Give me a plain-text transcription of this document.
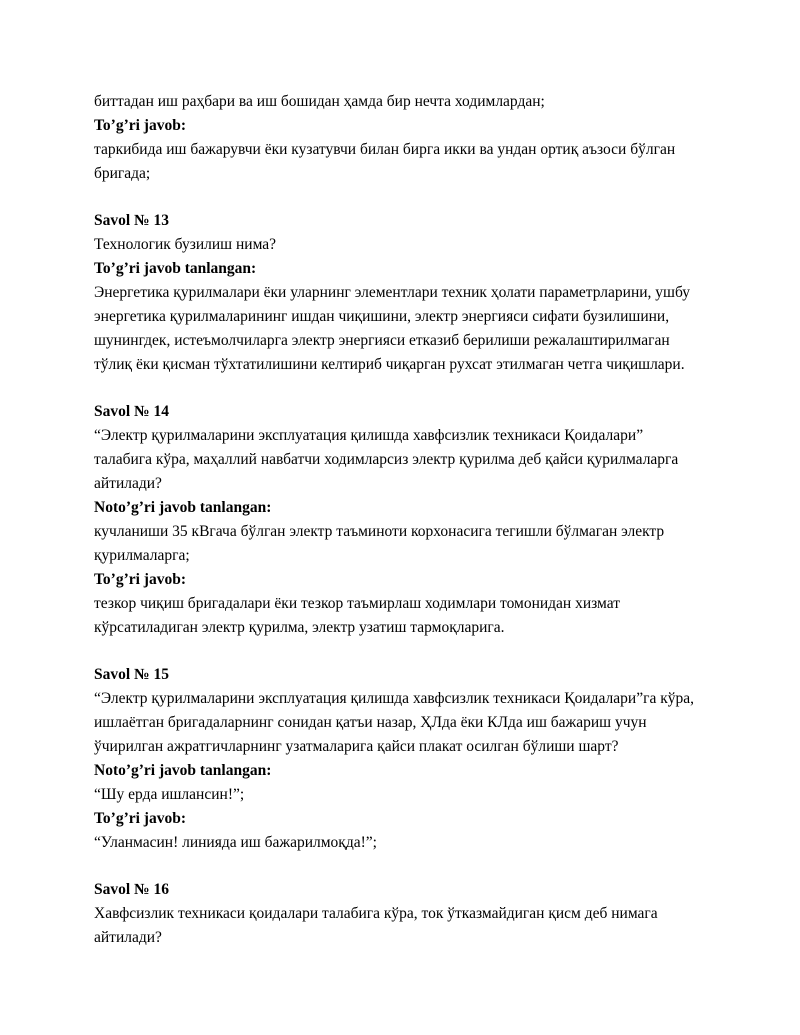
биттадан иш раҳбари ва иш бошидан ҳамда бир нечта ходимлардан;

To’g’ri javob:

таркибида иш бажарувчи ёки кузатувчи билан бирга икки ва ундан ортиқ аъзоси бўлган

бригада;

Savol № 13

Технологик бузилиш нима?

To’g’ri javob tanlangan:

Энергетика қурилмалари ёки уларнинг элементлари техник ҳолати параметрларини, ушбу

энергетика қурилмаларининг ишдан чиқишини, электр энергияси сифати бузилишини,

шунингдек, истеъмолчиларга электр энергияси етказиб берилиши режалаштирилмаган

тўлиқ ёки қисман тўхтатилишини келтириб чиқарган рухсат этилмаган четга чиқишлари.

Savol № 14

“Электр қурилмаларини эксплуатация қилишда хавфсизлик техникаси Қоидалари”

талабига кўра, маҳаллий навбатчи ходимларсиз электр қурилма деб қайси қурилмаларга

айтилади?

Noto’g’ri javob tanlangan:

кучланиши 35 кВгача бўлган электр таъминоти корхонасига тегишли бўлмаган электр

қурилмаларга;

To’g’ri javob:

тезкор чиқиш бригадалари ёки тезкор таъмирлаш ходимлари томонидан хизмат

кўрсатиладиган электр қурилма, электр узатиш тармоқларига.

Savol № 15

“Электр қурилмаларини эксплуатация қилишда хавфсизлик техникаси Қоидалари”га кўра,

ишлаётган бригадаларнинг сонидан қатъи назар, ҲЛда ёки КЛда иш бажариш учун

ўчирилган ажратгичларнинг узатмаларига қайси плакат осилган бўлиши шарт?

Noto’g’ri javob tanlangan:

“Шу ерда ишлансин!”;

To’g’ri javob:

“Уланмасин! линияда иш бажарилмоқда!”;

Savol № 16

Хавфсизлик техникаси қоидалари талабига кўра, ток ўтказмайдиган қисм деб нимага

айтилади?
